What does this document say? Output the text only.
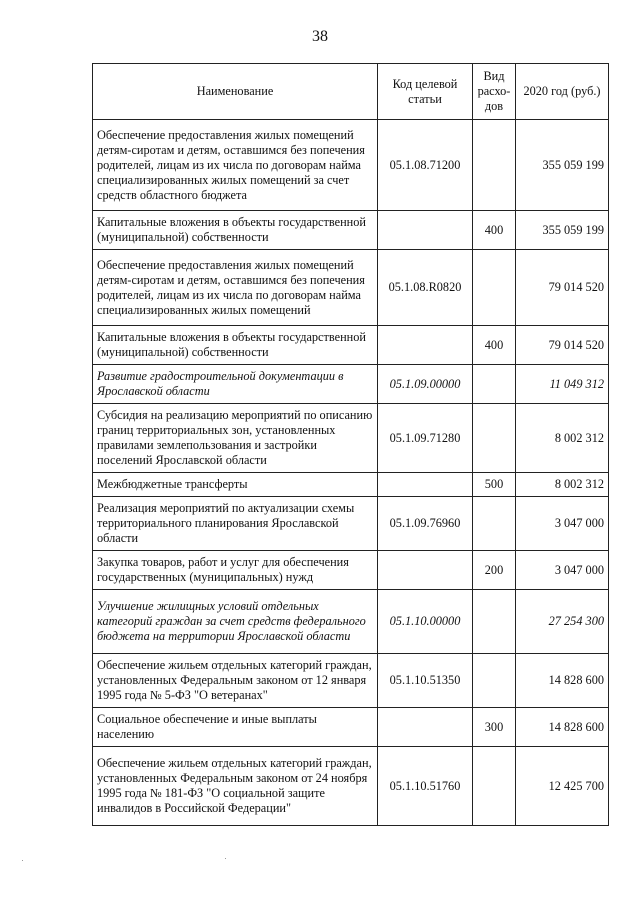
38
Наименование	Код целевой статьи	Вид расхо-дов	2020 год (руб.)
Обеспечение предоставления жилых помещений детям-сиротам и детям, оставшимся без попечения родителей, лицам из их числа по договорам найма специализированных жилых помещений за счет средств областного бюджета	05.1.08.71200		355 059 199
Капитальные вложения в объекты государственной (муниципальной) собственности		400	355 059 199
Обеспечение предоставления жилых помещений детям-сиротам и детям, оставшимся без попечения родителей, лицам из их числа по договорам найма специализированных жилых помещений	05.1.08.R0820		79 014 520
Капитальные вложения в объекты государственной (муниципальной) собственности		400	79 014 520
Развитие градостроительной документации в Ярославской области	05.1.09.00000		11 049 312
Субсидия на реализацию мероприятий по описанию границ территориальных зон, установленных правилами землепользования и застройки поселений Ярославской области	05.1.09.71280		8 002 312
Межбюджетные трансферты		500	8 002 312
Реализация мероприятий по актуализации схемы территориального планирования Ярославской области	05.1.09.76960		3 047 000
Закупка товаров, работ и услуг для обеспечения государственных (муниципальных) нужд		200	3 047 000
Улучшение жилищных условий отдельных категорий граждан за счет средств федерального бюджета на территории Ярославской области	05.1.10.00000		27 254 300
Обеспечение жильем отдельных категорий граждан, установленных Федеральным законом от 12 января 1995 года № 5-ФЗ "О ветеранах"	05.1.10.51350		14 828 600
Социальное обеспечение и иные выплаты населению		300	14 828 600
Обеспечение жильем отдельных категорий граждан, установленных Федеральным законом от 24 ноября 1995 года № 181-ФЗ "О социальной защите инвалидов в Российской Федерации"	05.1.10.51760		12 425 700
